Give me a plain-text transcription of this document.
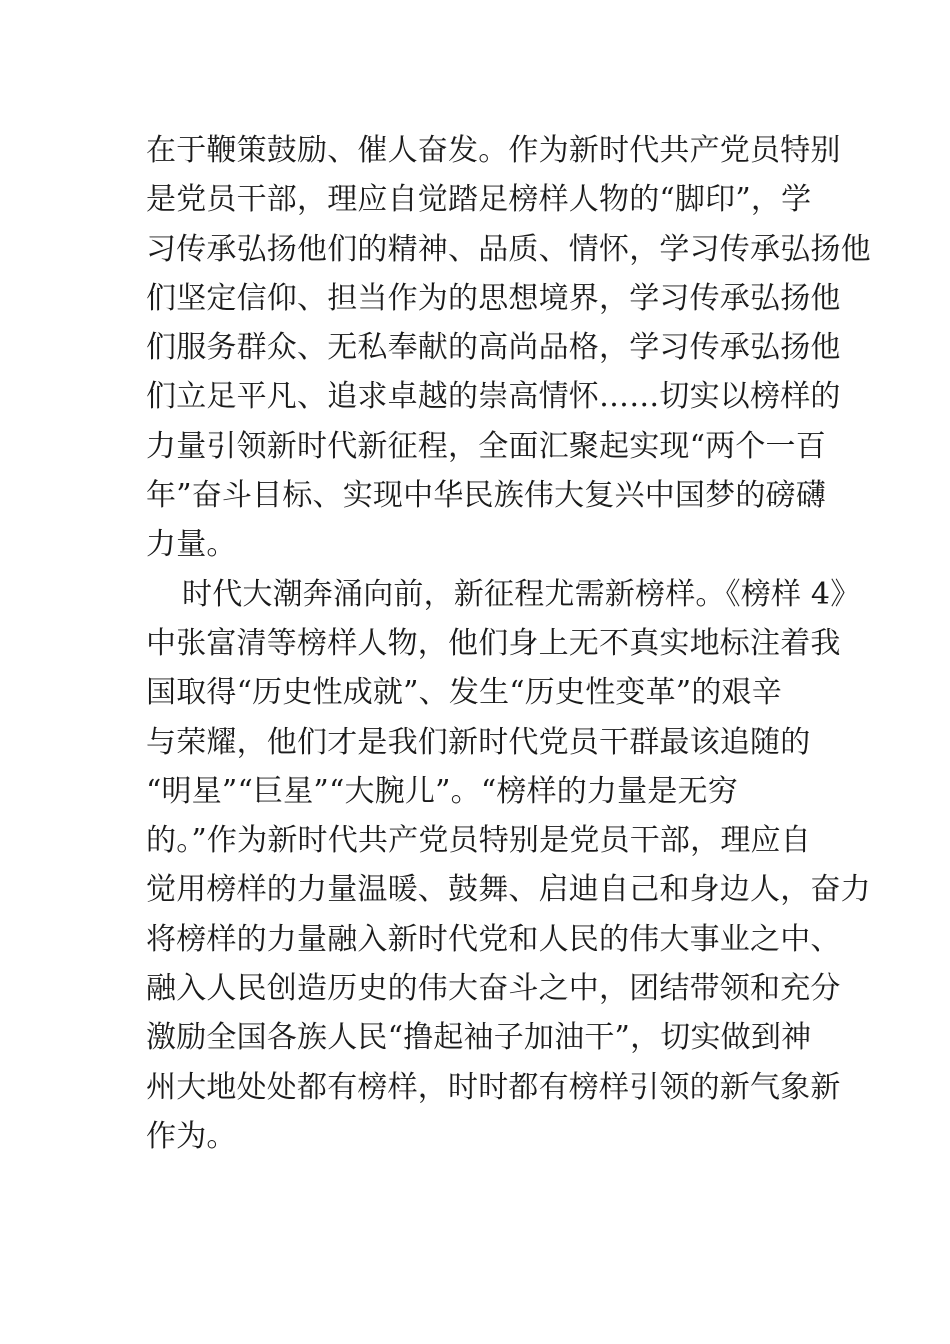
在于鞭策鼓励、催人奋发。作为新时代共产党员特别
是党员干部，理应自觉踏足榜样人物的“脚印”，学
习传承弘扬他们的精神、品质、情怀，学习传承弘扬他
们坚定信仰、担当作为的思想境界，学习传承弘扬他
们服务群众、无私奉献的高尚品格，学习传承弘扬他
们立足平凡、追求卓越的崇高情怀……切实以榜样的
力量引领新时代新征程，全面汇聚起实现“两个一百
年”奋斗目标、实现中华民族伟大复兴中国梦的磅礴
力量。
时代大潮奔涌向前，新征程尤需新榜样。《榜样 4》
中张富清等榜样人物，他们身上无不真实地标注着我
国取得“历史性成就”、发生“历史性变革”的艰辛
与荣耀，他们才是我们新时代党员干群最该追随的
“明星”“巨星”“大腕儿”。“榜样的力量是无穷
的。”作为新时代共产党员特别是党员干部，理应自
觉用榜样的力量温暖、鼓舞、启迪自己和身边人，奋力
将榜样的力量融入新时代党和人民的伟大事业之中、
融入人民创造历史的伟大奋斗之中，团结带领和充分
激励全国各族人民“撸起袖子加油干”，切实做到神
州大地处处都有榜样，时时都有榜样引领的新气象新
作为。
